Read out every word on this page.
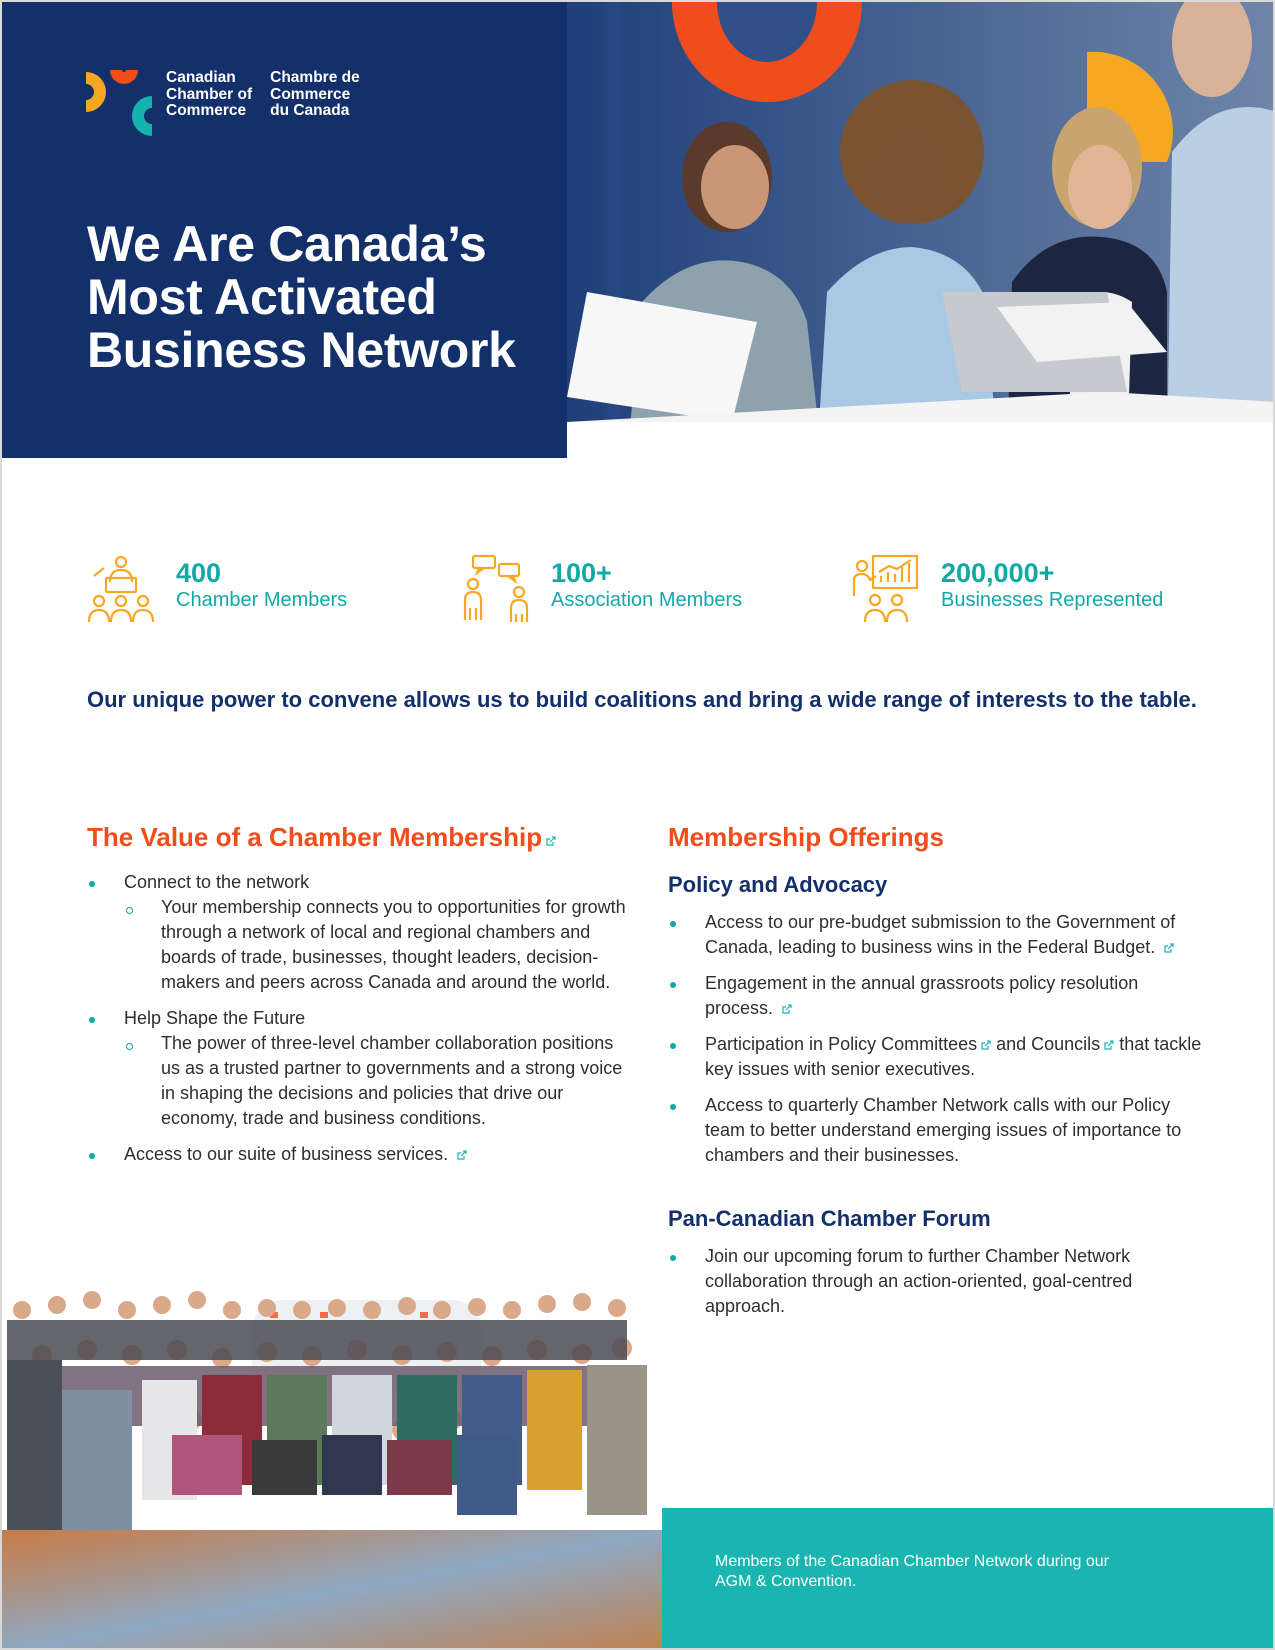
Canadian
Chamber of
Commerce
Chambre de
Commerce
du Canada
We Are Canada’s
Most Activated
Business Network
400
Chamber Members
100+
Association Members
200,000+
Businesses Represented

Our unique power to convene allows us to build coalitions and bring a wide range of interests to the table.

The Value of a Chamber Membership
Connect to the network
Your membership connects you to opportunities for growth through a network of local and regional chambers and boards of trade, businesses, thought leaders, decision-makers and peers across Canada and around the world.
Help Shape the Future
The power of three-level chamber collaboration positions us as a trusted partner to governments and a strong voice in shaping the decisions and policies that drive our economy, trade and business conditions.
Access to our suite of business services.
Membership Offerings
Policy and Advocacy
Access to our pre-budget submission to the Government of Canada, leading to business wins in the Federal Budget.
Engagement in the annual grassroots policy resolution process.
Participation in Policy Committees and Councils that tackle key issues with senior executives.
Access to quarterly Chamber Network calls with our Policy team to better understand emerging issues of importance to chambers and their businesses.
Pan-Canadian Chamber Forum
Join our upcoming forum to further Chamber Network collaboration through an action-oriented, goal-centred approach.

Members of the Canadian Chamber Network during our AGM & Convention.
